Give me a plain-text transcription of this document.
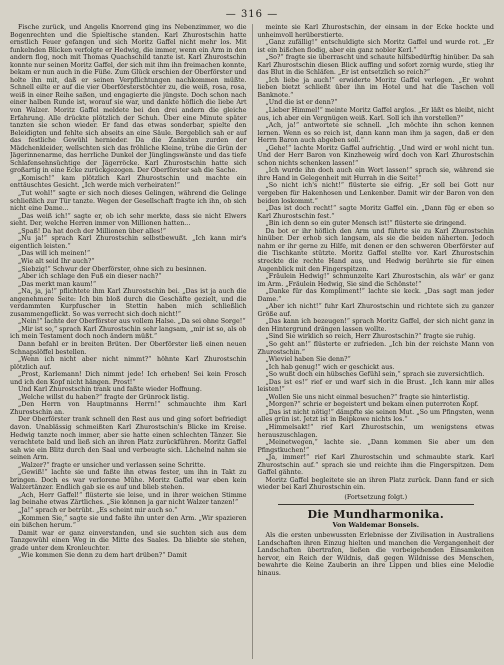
— 316 —

Fische zurück, und Angelis Knorrend ging ins Nebenzimmer, wo die Bogenrechten und die Spieltische standen. Karl Zhurostschin hatte ernstlich Feuer gefangen und sich Moritz Gaffel nicht mehr los. Mit funkelnden Blicken verfolgte er Hedwig, die immer, wenn ein Arm in den andern flog, noch mit Thomas Quachschild tanzte ist. Karl Zhurostschin konnte nur seinen Moritz Gaffel, der sich mit ihm ihn freimachen konnte, bekam er nun auch in die Füße. Zum Glück erschien der Oberförster und holte ihn mit, daß er seinen Verpflichtungen nachkommen müßte. Schnell eilte er auf die vier Oberförsterstöchter zu, die weiß, rosa, rosa, weiß in einer Reihe saßen, und engagierte die jüngste. Doch schon nach einer halben Runde ist, worauf sie war, und dankte höflich die liebe Art von Walzer. Moritz Gaffel meldete bei den drei andern die gleiche Erfahrung. Alle drückte plötzlich der Schuh. Über eine Minute später tanzten sie schon wieder. Er fand das etwas sonderbar, spielte den Beleidigten und fehlte sich abseits an eine Säule. Bergeblich sah er auf das festliche Gewühl hernieder. Da die Zanksten zurden der Mädchenkleider, wellschten sich das fröhliche Kleine, trübe die Grün der Jägerinnenarme, das herrliche Dunkel der Jünglingswänste und das tiefe Schlafensehnsüchtige der Jägerröcke. Karl Zhurostschin hatte sich großartig in eine Ecke zurückgezogen. Der Oberförster sah die Sache.

„Komisch!“ kam plötzlich Karl Zhurostschin und machte ein enttäuschtes Gesicht. „Ich werde mich verheiraten!“

„Tut wohl!“ sagte er sich noch dieses Gelingen, während die Gelinge schließlich zur Tür tanzte. Wegen der Gesellschaft fragte ich ihn, ob sich nicht eine Dame...

„Das weiß ich!“ sagte er, ob ich sehr merkte, dass sie nicht Elwers sieht. Der, welche Herren immer von Millionen hatten...

„Spaß! Da hat doch der Millionen über alles!“

„Nu ja!“ sprach Karl Zhurostschin selbstbewußt. „Ich kann mir's eigentlich leisten.“

„Das will ich meinen!“

„Wie alt seid Ihr auch?“

„Siebzig!“ Schwur der Oberförster, ohne sich zu besinnen.

„Aber ich schlage den Fuß ein dieser nach?“

„Das merkt man kaum!“

„Na, ja, ja!“ pflichtete ihm Karl Zhurostschin bei. „Das ist ja auch die angenehmere Seite: Ich bin bloß durch die Geschäfte gezielt, und die verdammten Kurpfuscher in Stettin haben mich schließlich zusammengeflickt. So was verrecht sich doch nicht!“

„Nein!“ lachte der Oberförster aus vollem Halse. „Da sei ohne Sorge!“

„Mir ist so,“ sprach Karl Zhurostschin sehr langsam, „mir ist so, als ob ich mein Testament doch noch ändern müßt.“

Dann befahl er in breiten Brüten. Der Oberförster ließ einen neuen Schnapslöffel bestellen.

„Wenn ich nicht aber nicht nimmt?“ höhnte Karl Zhurostschin plötzlich auf.

„Prost, Karlemann! Dich nimmt jede! Ich erheben! Sei kein Frosch und ich den Kopf nicht hängen. Prost!“

Und Karl Zhurostschin trank und faßte wieder Hoffnung.

„Welche willst du haben?“ fragte der Grünrock listig.

„Den Herrn von Hauptmanns Herrn!“ schmauchte ihm Karl Zhurostschin an.

Der Oberförster trank schnell den Rest aus und ging sofort befriedigt davon. Unablässig schmeißten Karl Zhurostschin's Blicke im Kreise. Hedwig tanzte noch immer, aber sie hatte einen schlechten Tänzer. Sie verachtete bald und ließ sich an ihren Platz zurückführen. Moritz Gaffel sah wie ein Blitz durch den Saal und verbeugte sich. Lächelnd nahm sie seinen Arm.

„Walzer?“ fragte er unsicher und verlassen seine Schritte.

„Gewiß!“ lachte sie und faßte ihn etwas fester, um ihn in Takt zu bringen. Doch es war verlorene Mühe. Moritz Gaffel war eben kein Walzertänzer. Endlich gab sie es auf und blieb stehen.

„Ach, Herr Gaffel!“ flüsterte sie leise, und in ihrer weichen Stimme lag beinahe etwas Zärtliches. „Sie können ja gar nicht Walzer tanzen!“

„Ja!“ sprach er betrübt. „Es scheint mir auch so.“

„Kommen Sie,“ sagte sie und faßte ihn unter den Arm. „Wir spazieren ein bißchen herum.“

Damit war er ganz einverstanden, und sie suchten sich aus dem Tanzgewühl einen Weg in die Mitte des Saales. Da bliebte sie stehen, grade unter dem Kronleuchter.

„Wie kommen Sie denn zu dem hart drüben?“ Damit

meinte sie Karl Zhurostschin, der einsam in der Ecke hockte und unheimvoll herüberstierte.

„Ganz zufällig!“ entschuldigte sich Moritz Gaffel und wurde rot. „Er ist ein bißchen flodig, aber ein ganz nobler Kerl.“

„So?“ fragte sie überrascht und schaute hilfsbedürftig hinüber. Da sah Karl Zhurostschin diesen Blick auffing und sofort zornig wurde, stieg ihr das Blut in die Schläfen. „Er ist entsetzlich so reich?“

„Ich liebe ja auch!“ erwiderte Moritz Gaffel verlegen. „Er wohnt lieben bietzt schließt über ihn im Hotel und hat die Taschen voll Banknote.“

„Und die ist er denn?“

„Lieber Himmel!“ meinte Moritz Gaffel arglos. „Er läßt es bleibt, nicht aus, ich aber ein Vergnügen weiß. Karl. Soll ich ihn vorstellen?“

„Ach, ja!“ antwortete sie schnell. „Ich möchte ihn schon kennen lernen. Wenn es so reich ist, dann kann man ihm ja sagen, daß er den Herrn Baron auch abgeben soll.“

„Gehe!“ lachte Moritz Gaffel aufrichtig. „Und wird er wohl nicht tun. Und der Herr Baron von Kinzheweig wird doch von Karl Zhurostschin schon nichts schenken lassen!“

„Ich wurde ihn doch auch ein Wort lassen!“ sprach sie, während sie ihre Hand in Gelegenheit mit Hurrah in die Seite!“

„So nicht ich's nicht!“ flüsterte sie eifrig. „Er soll bei Gott nur vergeben für Hakenhosen und Lenkenber. Damit wir der Baron von den beiden loskommt.“

„Das ist doch recht!“ sagte Moritz Gaffel ein. „Dann füg er eben so Karl Zhurostschin fest.“

„Bin ich denn so ein guter Mensch ist!“ flüsterte sie dringend.

Da bot er ihr höflich den Arm und führte sie zu Karl Zhurostschin hinüber. Der erhob sich langsam, als sie die beiden näherten. Jedoch nahm er ihr gerne zu Hilfe, mit denen er den schweren Oberförster auf die Tischkante stützte. Moritz Gaffel stellte vor. Karl Zhurostschin streckte die rechte Hand aus, und Hedwig berührte sie für einen Augenblick mit den Fingerspitzen.

„Fräulein Hedwig!“ schmunzelte Karl Zhurostschin, als wär' er ganz im Arm. „Fräulein Hedwig, Sie sind die Schönste!“

„Danke für das Kompliment!“ lachte sie keck. „Das sagt man jeder Dame.“

„Aber ich nicht!“ fuhr Karl Zhurostschin und richtete sich zu ganzer Größe auf.

„Das kann ich bezeugen!“ sprach Moritz Gaffel, der sich nicht ganz in den Hintergrund drängen lassen wollte.

„Sind Sie wirklich so reich, Herr Zhurostschin?“ fragte sie ruhig.

„So geht an!“ flüsterte er zufrieden. „Ich bin der reichste Mann von Zhurostschin.“

„Wieviel haben Sie denn?“

„Ich hab genug!“ wich er geschickt aus.

„So wußt doch ein hübsches Gefühl sein,“ sprach sie zuversichtlich.

„Das ist es!“ rief er und warf sich in die Brust. „Ich kann mir alles leisten!“

„Wollen Sie uns nicht einmal besuchen?“ fragte sie hinterlistig.

„Morgen?“ schrie er begeistert und bekam einen puterroten Kopf.

„Das ist nicht nötig!“ dämpfte sie seinen Mut. „So um Pfingsten, wenn alles grün ist. Jetzt ist in Beipkowe nichts los.“

„Himmelsakt!“ rief Karl Zhurostschin, um wenigstens etwas herauszuschlagen.

„Meinetwegen,“ lachte sie. „Dann kommen Sie aber um den Pfingstkuchen!“

„Ja, immer!“ rief Karl Zhurostschin und schmaubte stark. Karl Zhurostschin auf.“ sprach sie und reichte ihm die Fingerspitzen. Dem Gaffel gähnte.

Moritz Gaffel begleitete sie an ihren Platz zurück. Dann fand er sich wieder bei Karl Zhurostschin ein.

(Fortsetzung folgt.)
Die Mundharmonika.
Von Waldemar Bonsels.

Als die ersten unbewussten Erlebnisse der Zivilisation in Australiens Landschaften ihren Einzug hielten und manchen die Vergangenheit der Landschaften übertrafen, ließen die vorbeigehenden Einsamkeiten hervor, ein Reich der Wildnis, daß gegen Wildnisse des Menschen, bewahrte die Keine Zauberin an ihre Lippen und blies eine Melodie hinaus.
